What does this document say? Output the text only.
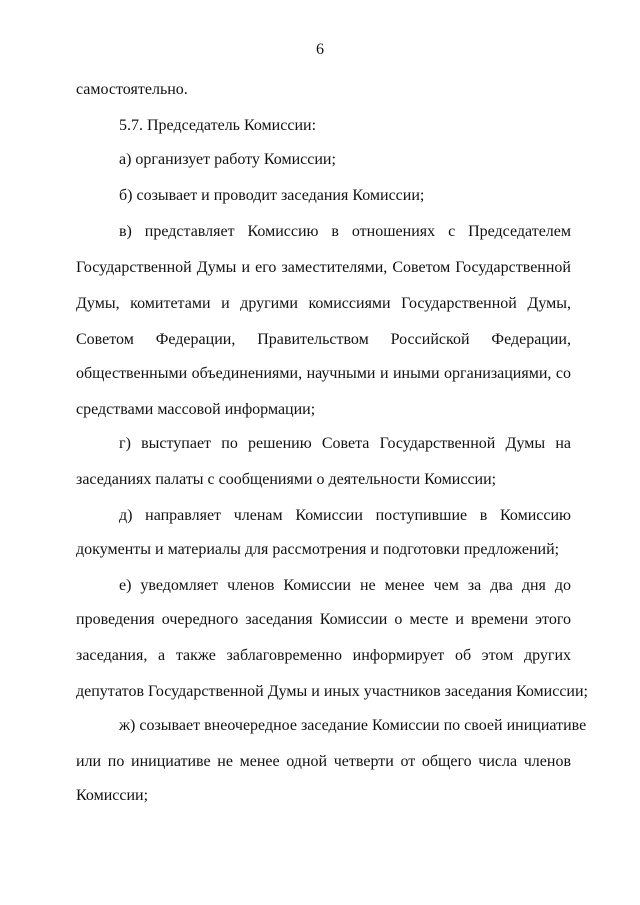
6
самостоятельно.
5.7. Председатель Комиссии:
а) организует работу Комиссии;
б) созывает и проводит заседания Комиссии;
в) представляет Комиссию в отношениях с Председателем
Государственной Думы и его заместителями, Советом Государственной
Думы, комитетами и другими комиссиями Государственной Думы,
Советом Федерации, Правительством Российской Федерации,
общественными объединениями, научными и иными организациями, со
средствами массовой информации;
г) выступает по решению Совета Государственной Думы на
заседаниях палаты с сообщениями о деятельности Комиссии;
д) направляет членам Комиссии поступившие в Комиссию
документы и материалы для рассмотрения и подготовки предложений;
е) уведомляет членов Комиссии не менее чем за два дня до
проведения очередного заседания Комиссии о месте и времени этого
заседания, а также заблаговременно информирует об этом других
депутатов Государственной Думы и иных участников заседания Комиссии;
ж) созывает внеочередное заседание Комиссии по своей инициативе
или по инициативе не менее одной четверти от общего числа членов
Комиссии;
